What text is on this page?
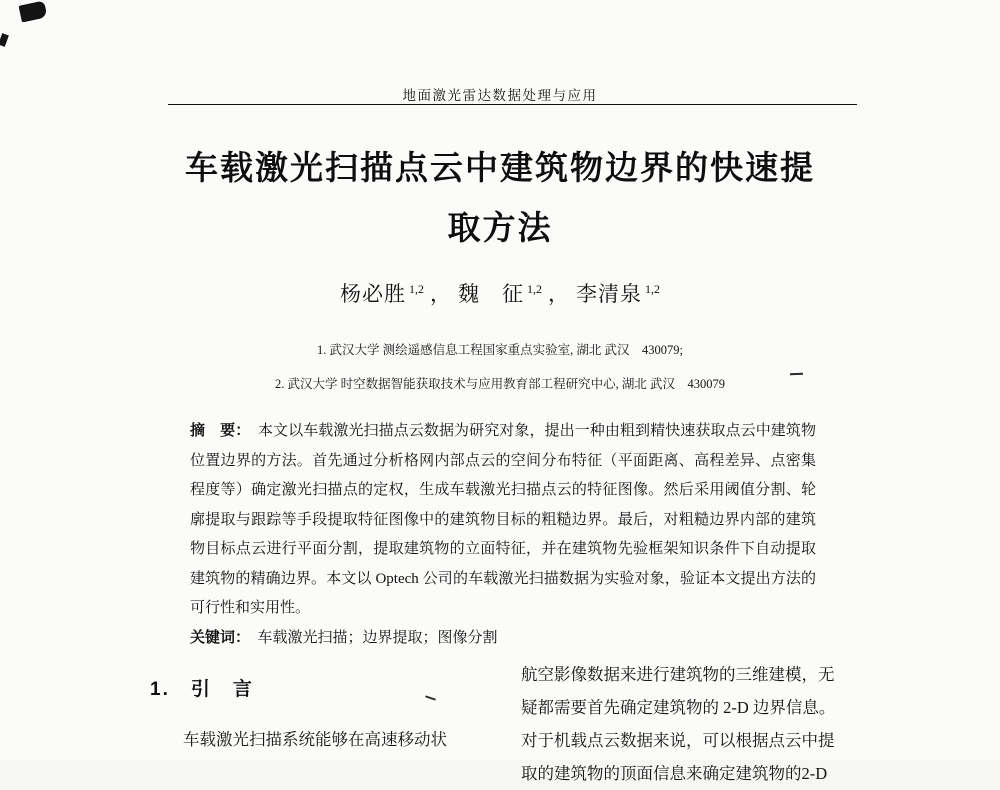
地面激光雷达数据处理与应用
车载激光扫描点云中建筑物边界的快速提
取方法
杨必胜 $^{1,2}$ ， 魏　征 $^{1,2}$ ， 李清泉 $^{1,2}$
1. 武汉大学 测绘遥感信息工程国家重点实验室, 湖北 武汉　430079;
2. 武汉大学 时空数据智能获取技术与应用教育部工程研究中心, 湖北 武汉　430079
摘　要：　 本文以车载激光扫描点云数据为研究对象，提出一种由粗到精快速获取点云中建筑物位置边界的方法。首先通过分析格网内部点云的空间分布特征（平面距离、高程差异、点密集程度等）确定激光扫描点的定权，生成车载激光扫描点云的特征图像。然后采用阈值分割、轮廓提取与跟踪等手段提取特征图像中的建筑物目标的粗糙边界。最后，对粗糙边界内部的建筑物目标点云进行平面分割，提取建筑物的立面特征，并在建筑物先验框架知识条件下自动提取建筑物的精确边界。本文以 Optech 公司的车载激光扫描数据为实验对象，验证本文提出方法的可行性和实用性。
关键词：　 车载激光扫描；边界提取；图像分割
1.　引　言

车载激光扫描系统能够在高速移动状

航空影像数据来进行建筑物的三维建模，无
疑都需要首先确定建筑物的 2-D 边界信息。
对于机载点云数据来说，可以根据点云中提
取的建筑物的顶面信息来确定建筑物的2-D
